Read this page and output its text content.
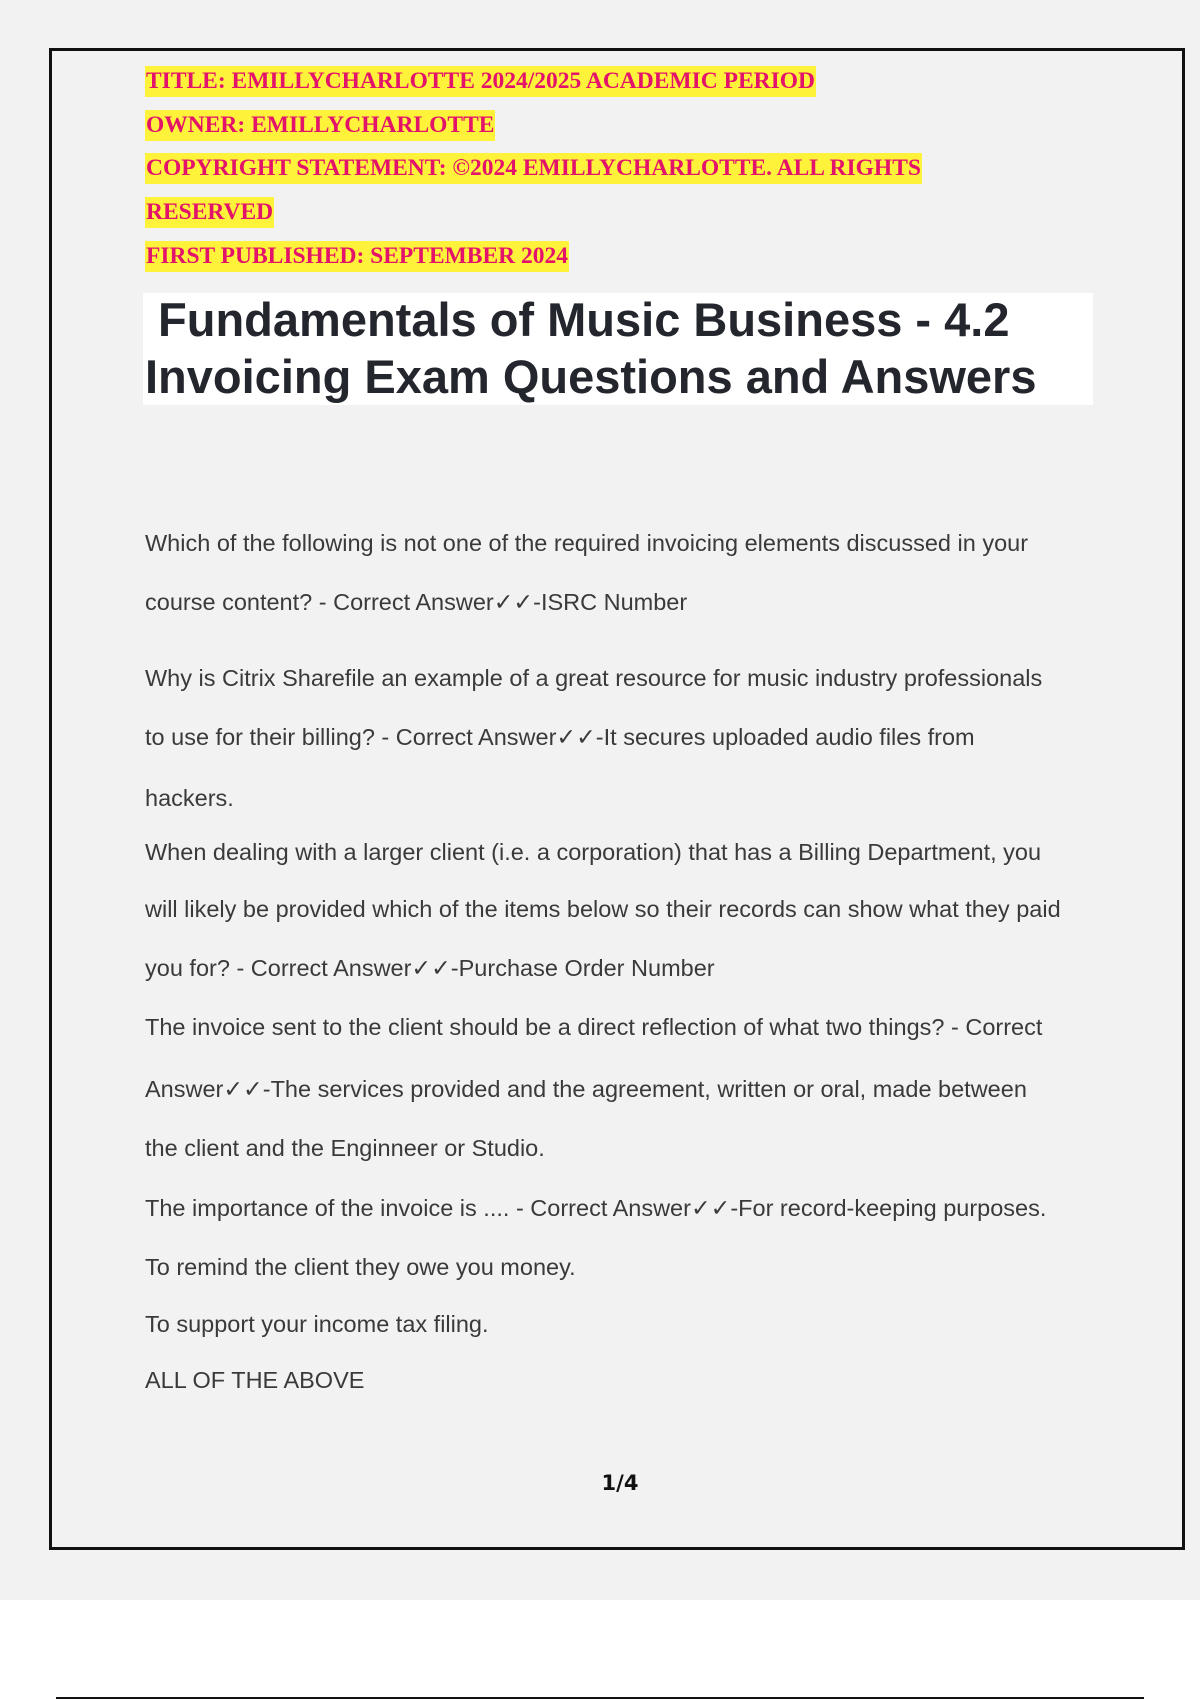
TITLE: EMILLYCHARLOTTE 2024/2025 ACADEMIC PERIOD
OWNER: EMILLYCHARLOTTE
COPYRIGHT STATEMENT: ©2024 EMILLYCHARLOTTE. ALL RIGHTS
RESERVED
FIRST PUBLISHED: SEPTEMBER 2024
Fundamentals of Music Business - 4.2
Invoicing Exam Questions and Answers
Which of the following is not one of the required invoicing elements discussed in your
course content? - Correct Answer✓✓-ISRC Number
Why is Citrix Sharefile an example of a great resource for music industry professionals
to use for their billing? - Correct Answer✓✓-It secures uploaded audio files from
hackers.
When dealing with a larger client (i.e. a corporation) that has a Billing Department, you
will likely be provided which of the items below so their records can show what they paid
you for? - Correct Answer✓✓-Purchase Order Number
The invoice sent to the client should be a direct reflection of what two things? - Correct
Answer✓✓-The services provided and the agreement, written or oral, made between
the client and the Enginneer or Studio.
The importance of the invoice is .... - Correct Answer✓✓-For record-keeping purposes.
To remind the client they owe you money.
To support your income tax filing.
ALL OF THE ABOVE
1/4
